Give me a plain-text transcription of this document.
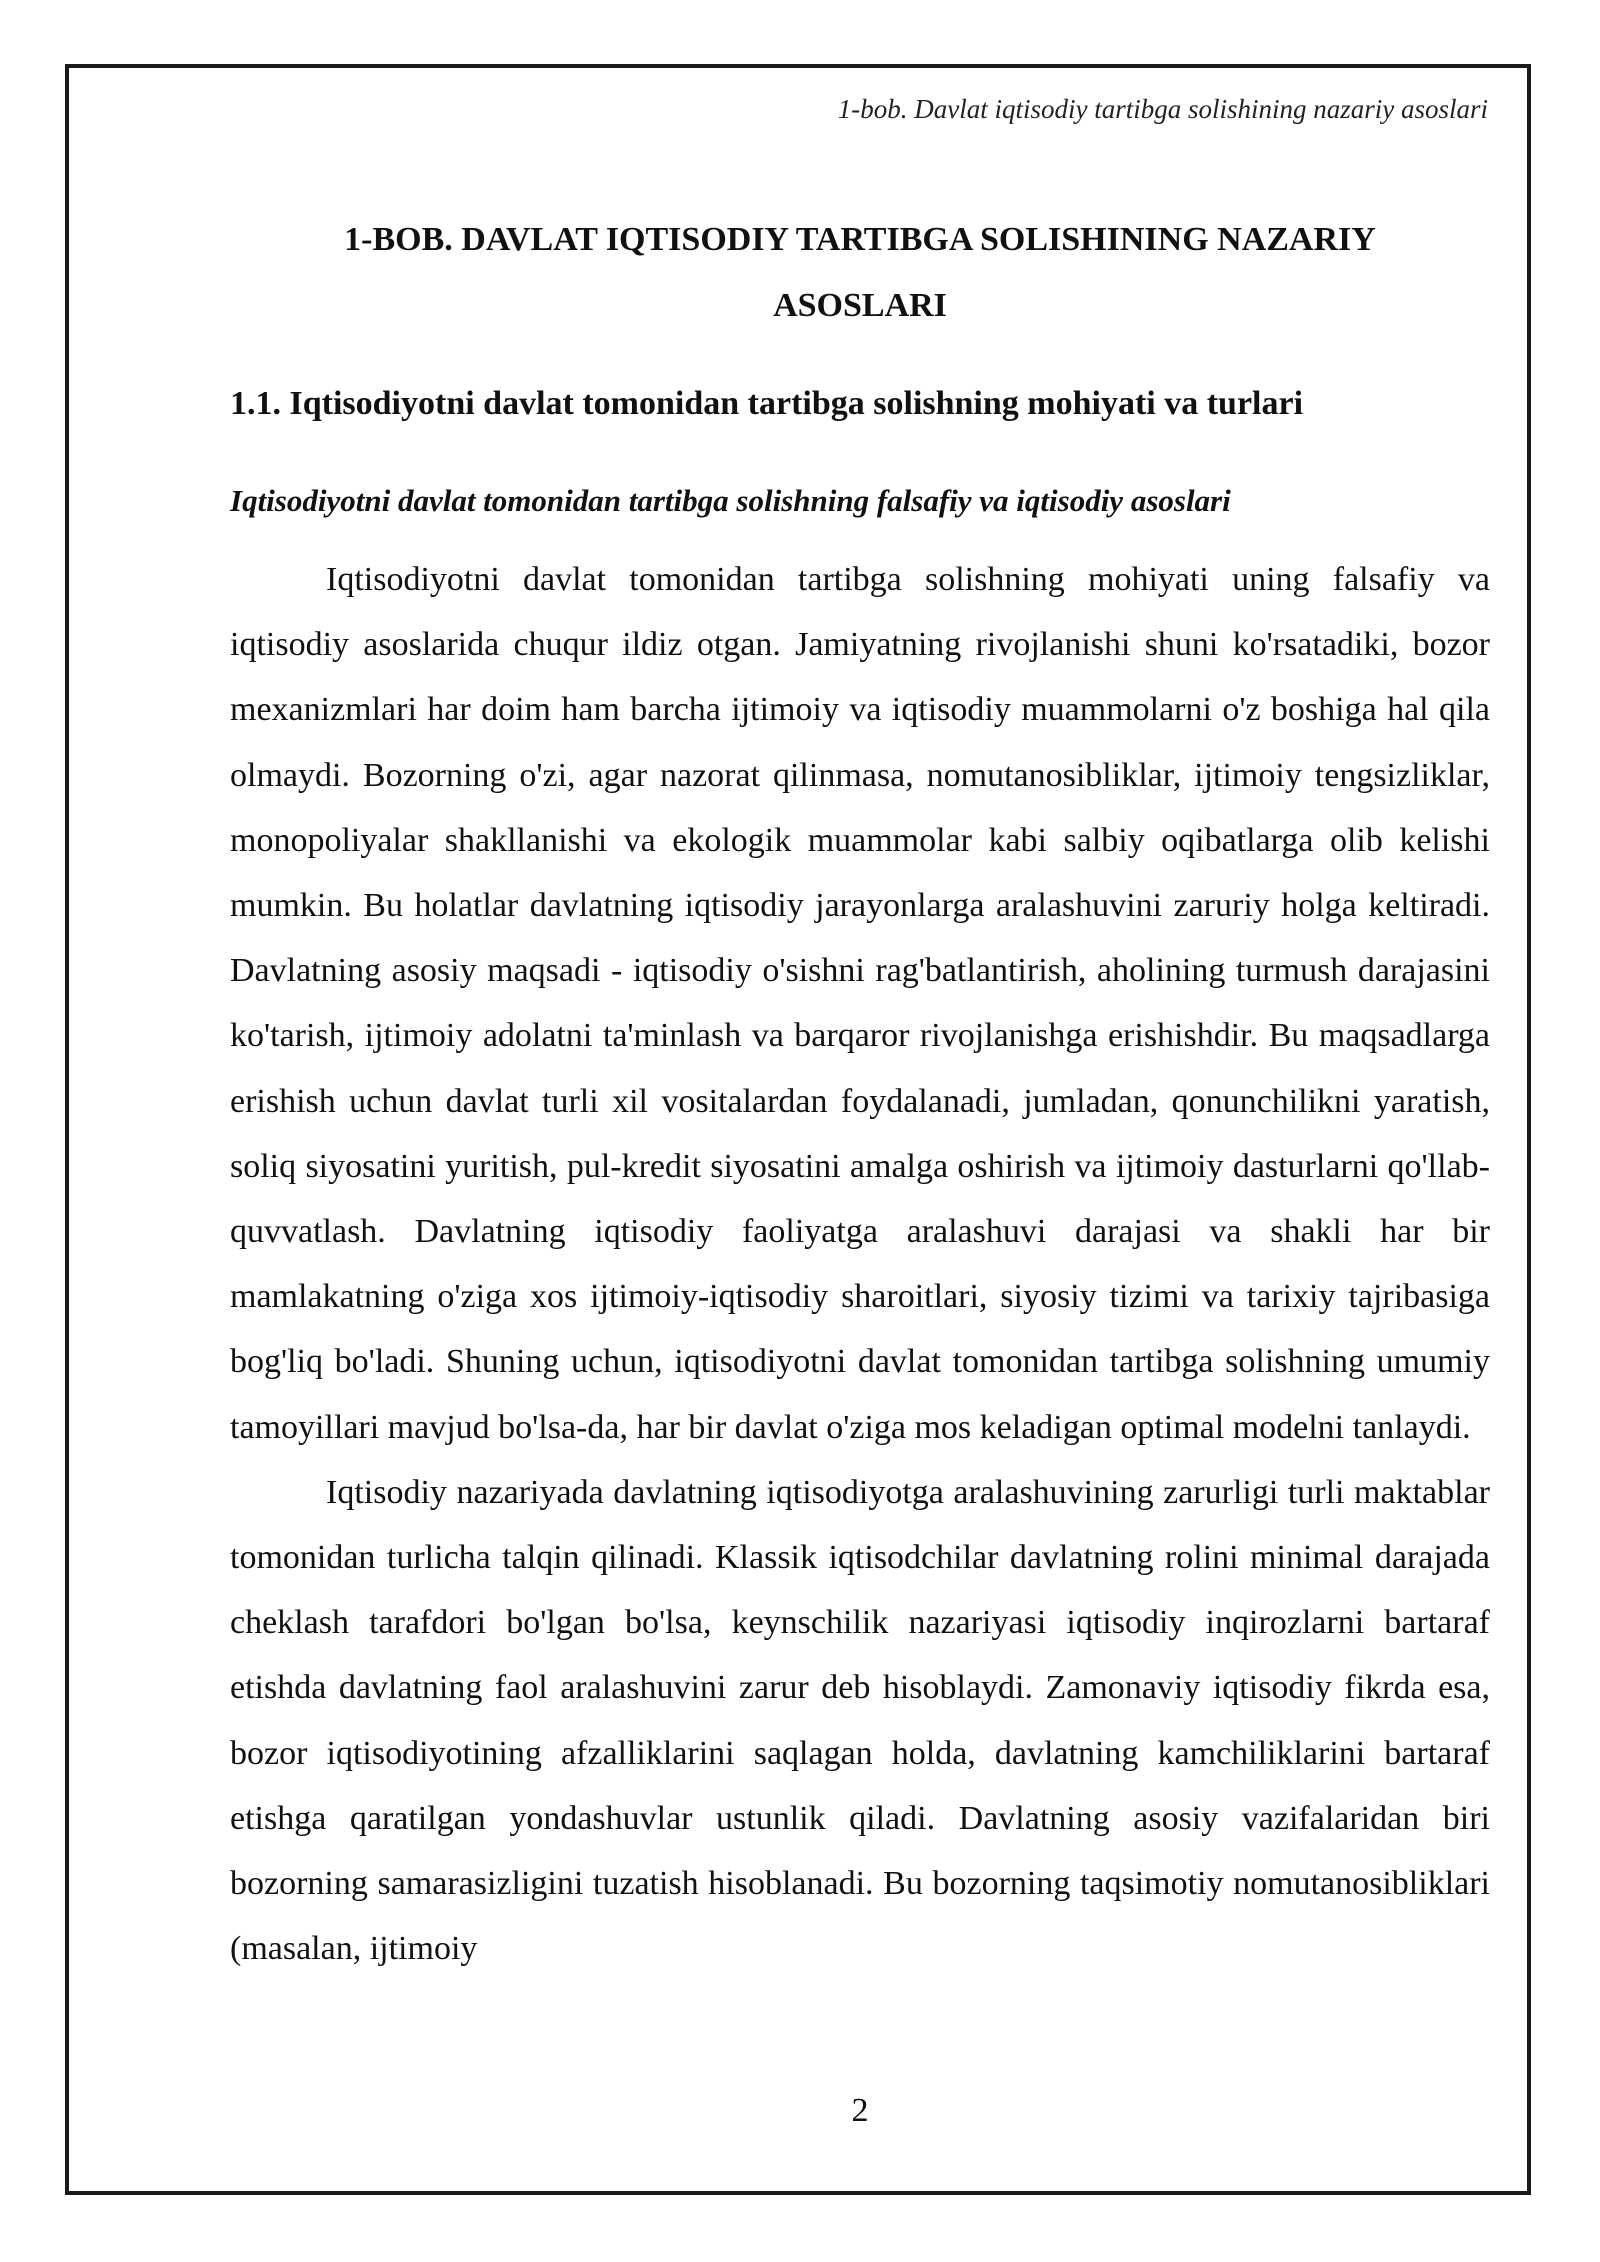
1-bob. Davlat iqtisodiy tartibga solishining nazariy asoslari
1-BOB. DAVLAT IQTISODIY TARTIBGA SOLISHINING NAZARIY
ASOSLARI
1.1. Iqtisodiyotni davlat tomonidan tartibga solishning mohiyati va turlari
Iqtisodiyotni davlat tomonidan tartibga solishning falsafiy va iqtisodiy asoslari

Iqtisodiyotni davlat tomonidan tartibga solishning mohiyati uning falsafiy va iqtisodiy asoslarida chuqur ildiz otgan. Jamiyatning rivojlanishi shuni ko'rsatadiki, bozor mexanizmlari har doim ham barcha ijtimoiy va iqtisodiy muammolarni o'z boshiga hal qila olmaydi. Bozorning o'zi, agar nazorat qilinmasa, nomutanosibliklar, ijtimoiy tengsizliklar, monopoliyalar shakllanishi va ekologik muammolar kabi salbiy oqibatlarga olib kelishi mumkin. Bu holatlar davlatning iqtisodiy jarayonlarga aralashuvini zaruriy holga keltiradi. Davlatning asosiy maqsadi - iqtisodiy o'sishni rag'batlantirish, aholining turmush darajasini ko'tarish, ijtimoiy adolatni ta'minlash va barqaror rivojlanishga erishishdir. Bu maqsadlarga erishish uchun davlat turli xil vositalardan foydalanadi, jumladan, qonunchilikni yaratish, soliq siyosatini yuritish, pul-kredit siyosatini amalga oshirish va ijtimoiy dasturlarni qo'llab-quvvatlash. Davlatning iqtisodiy faoliyatga aralashuvi darajasi va shakli har bir mamlakatning o'ziga xos ijtimoiy-iqtisodiy sharoitlari, siyosiy tizimi va tarixiy tajribasiga bog'liq bo'ladi. Shuning uchun, iqtisodiyotni davlat tomonidan tartibga solishning umumiy tamoyillari mavjud bo'lsa-da, har bir davlat o'ziga mos keladigan optimal modelni tanlaydi.

Iqtisodiy nazariyada davlatning iqtisodiyotga aralashuvining zarurligi turli maktablar tomonidan turlicha talqin qilinadi. Klassik iqtisodchilar davlatning rolini minimal darajada cheklash tarafdori bo'lgan bo'lsa, keynschilik nazariyasi iqtisodiy inqirozlarni bartaraf etishda davlatning faol aralashuvini zarur deb hisoblaydi. Zamonaviy iqtisodiy fikrda esa, bozor iqtisodiyotining afzalliklarini saqlagan holda, davlatning kamchiliklarini bartaraf etishga qaratilgan yondashuvlar ustunlik qiladi. Davlatning asosiy vazifalaridan biri bozorning samarasizligini tuzatish hisoblanadi. Bu bozorning taqsimotiy nomutanosibliklari (masalan, ijtimoiy

2
